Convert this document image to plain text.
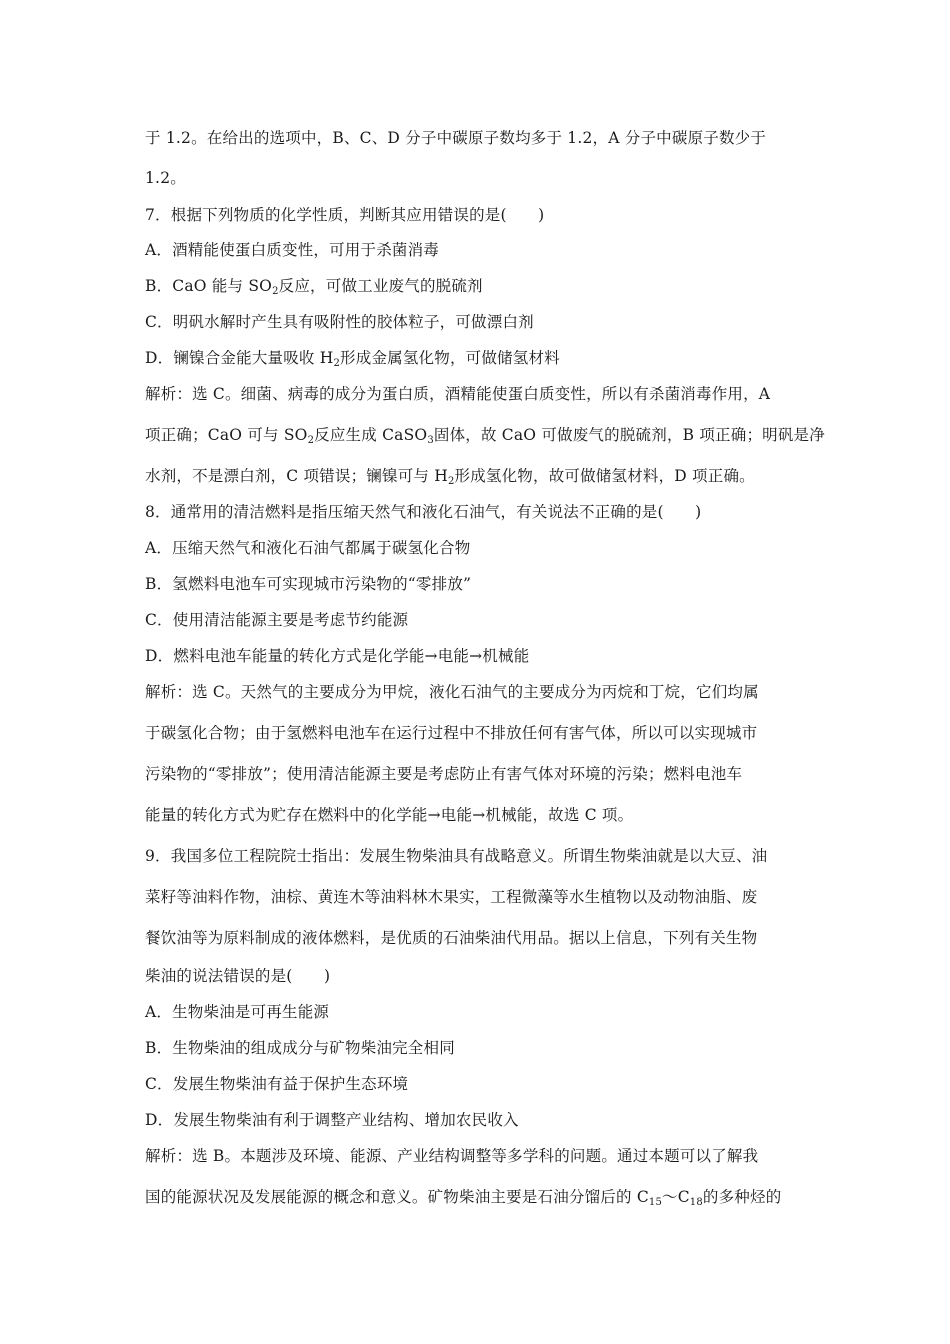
于 1.2。在给出的选项中，B、C、D 分子中碳原子数均多于 1.2，A 分子中碳原子数少于
1.2。
7．根据下列物质的化学性质，判断其应用错误的是(　　)
A．酒精能使蛋白质变性，可用于杀菌消毒
B．CaO 能与 $SO_2$反应，可做工业废气的脱硫剂
C．明矾水解时产生具有吸附性的胶体粒子，可做漂白剂
D．镧镍合金能大量吸收 $H_2$形成金属氢化物，可做储氢材料
解析：选 C。细菌、病毒的成分为蛋白质，酒精能使蛋白质变性，所以有杀菌消毒作用，A
项正确；CaO 可与 $SO_2$反应生成 CaSO$_3$固体，故 CaO 可做废气的脱硫剂，B 项正确；明矾是净
水剂，不是漂白剂，C 项错误；镧镍可与 $H_2$形成氢化物，故可做储氢材料，D 项正确。
8．通常用的清洁燃料是指压缩天然气和液化石油气，有关说法不正确的是(　　)
A．压缩天然气和液化石油气都属于碳氢化合物
B．氢燃料电池车可实现城市污染物的“零排放”
C．使用清洁能源主要是考虑节约能源
D．燃料电池车能量的转化方式是化学能→电能→机械能
解析：选 C。天然气的主要成分为甲烷，液化石油气的主要成分为丙烷和丁烷，它们均属
于碳氢化合物；由于氢燃料电池车在运行过程中不排放任何有害气体，所以可以实现城市
污染物的“零排放”；使用清洁能源主要是考虑防止有害气体对环境的污染；燃料电池车
能量的转化方式为贮存在燃料中的化学能→电能→机械能，故选 C 项。
9．我国多位工程院院士指出：发展生物柴油具有战略意义。所谓生物柴油就是以大豆、油
菜籽等油料作物，油棕、黄连木等油料林木果实，工程微藻等水生植物以及动物油脂、废
餐饮油等为原料制成的液体燃料，是优质的石油柴油代用品。据以上信息，下列有关生物
柴油的说法错误的是(　　)
A．生物柴油是可再生能源
B．生物柴油的组成成分与矿物柴油完全相同
C．发展生物柴油有益于保护生态环境
D．发展生物柴油有利于调整产业结构、增加农民收入
解析：选 B。本题涉及环境、能源、产业结构调整等多学科的问题。通过本题可以了解我
国的能源状况及发展能源的概念和意义。矿物柴油主要是石油分馏后的 $C_{15}\sim C_{18}$的多种烃的
